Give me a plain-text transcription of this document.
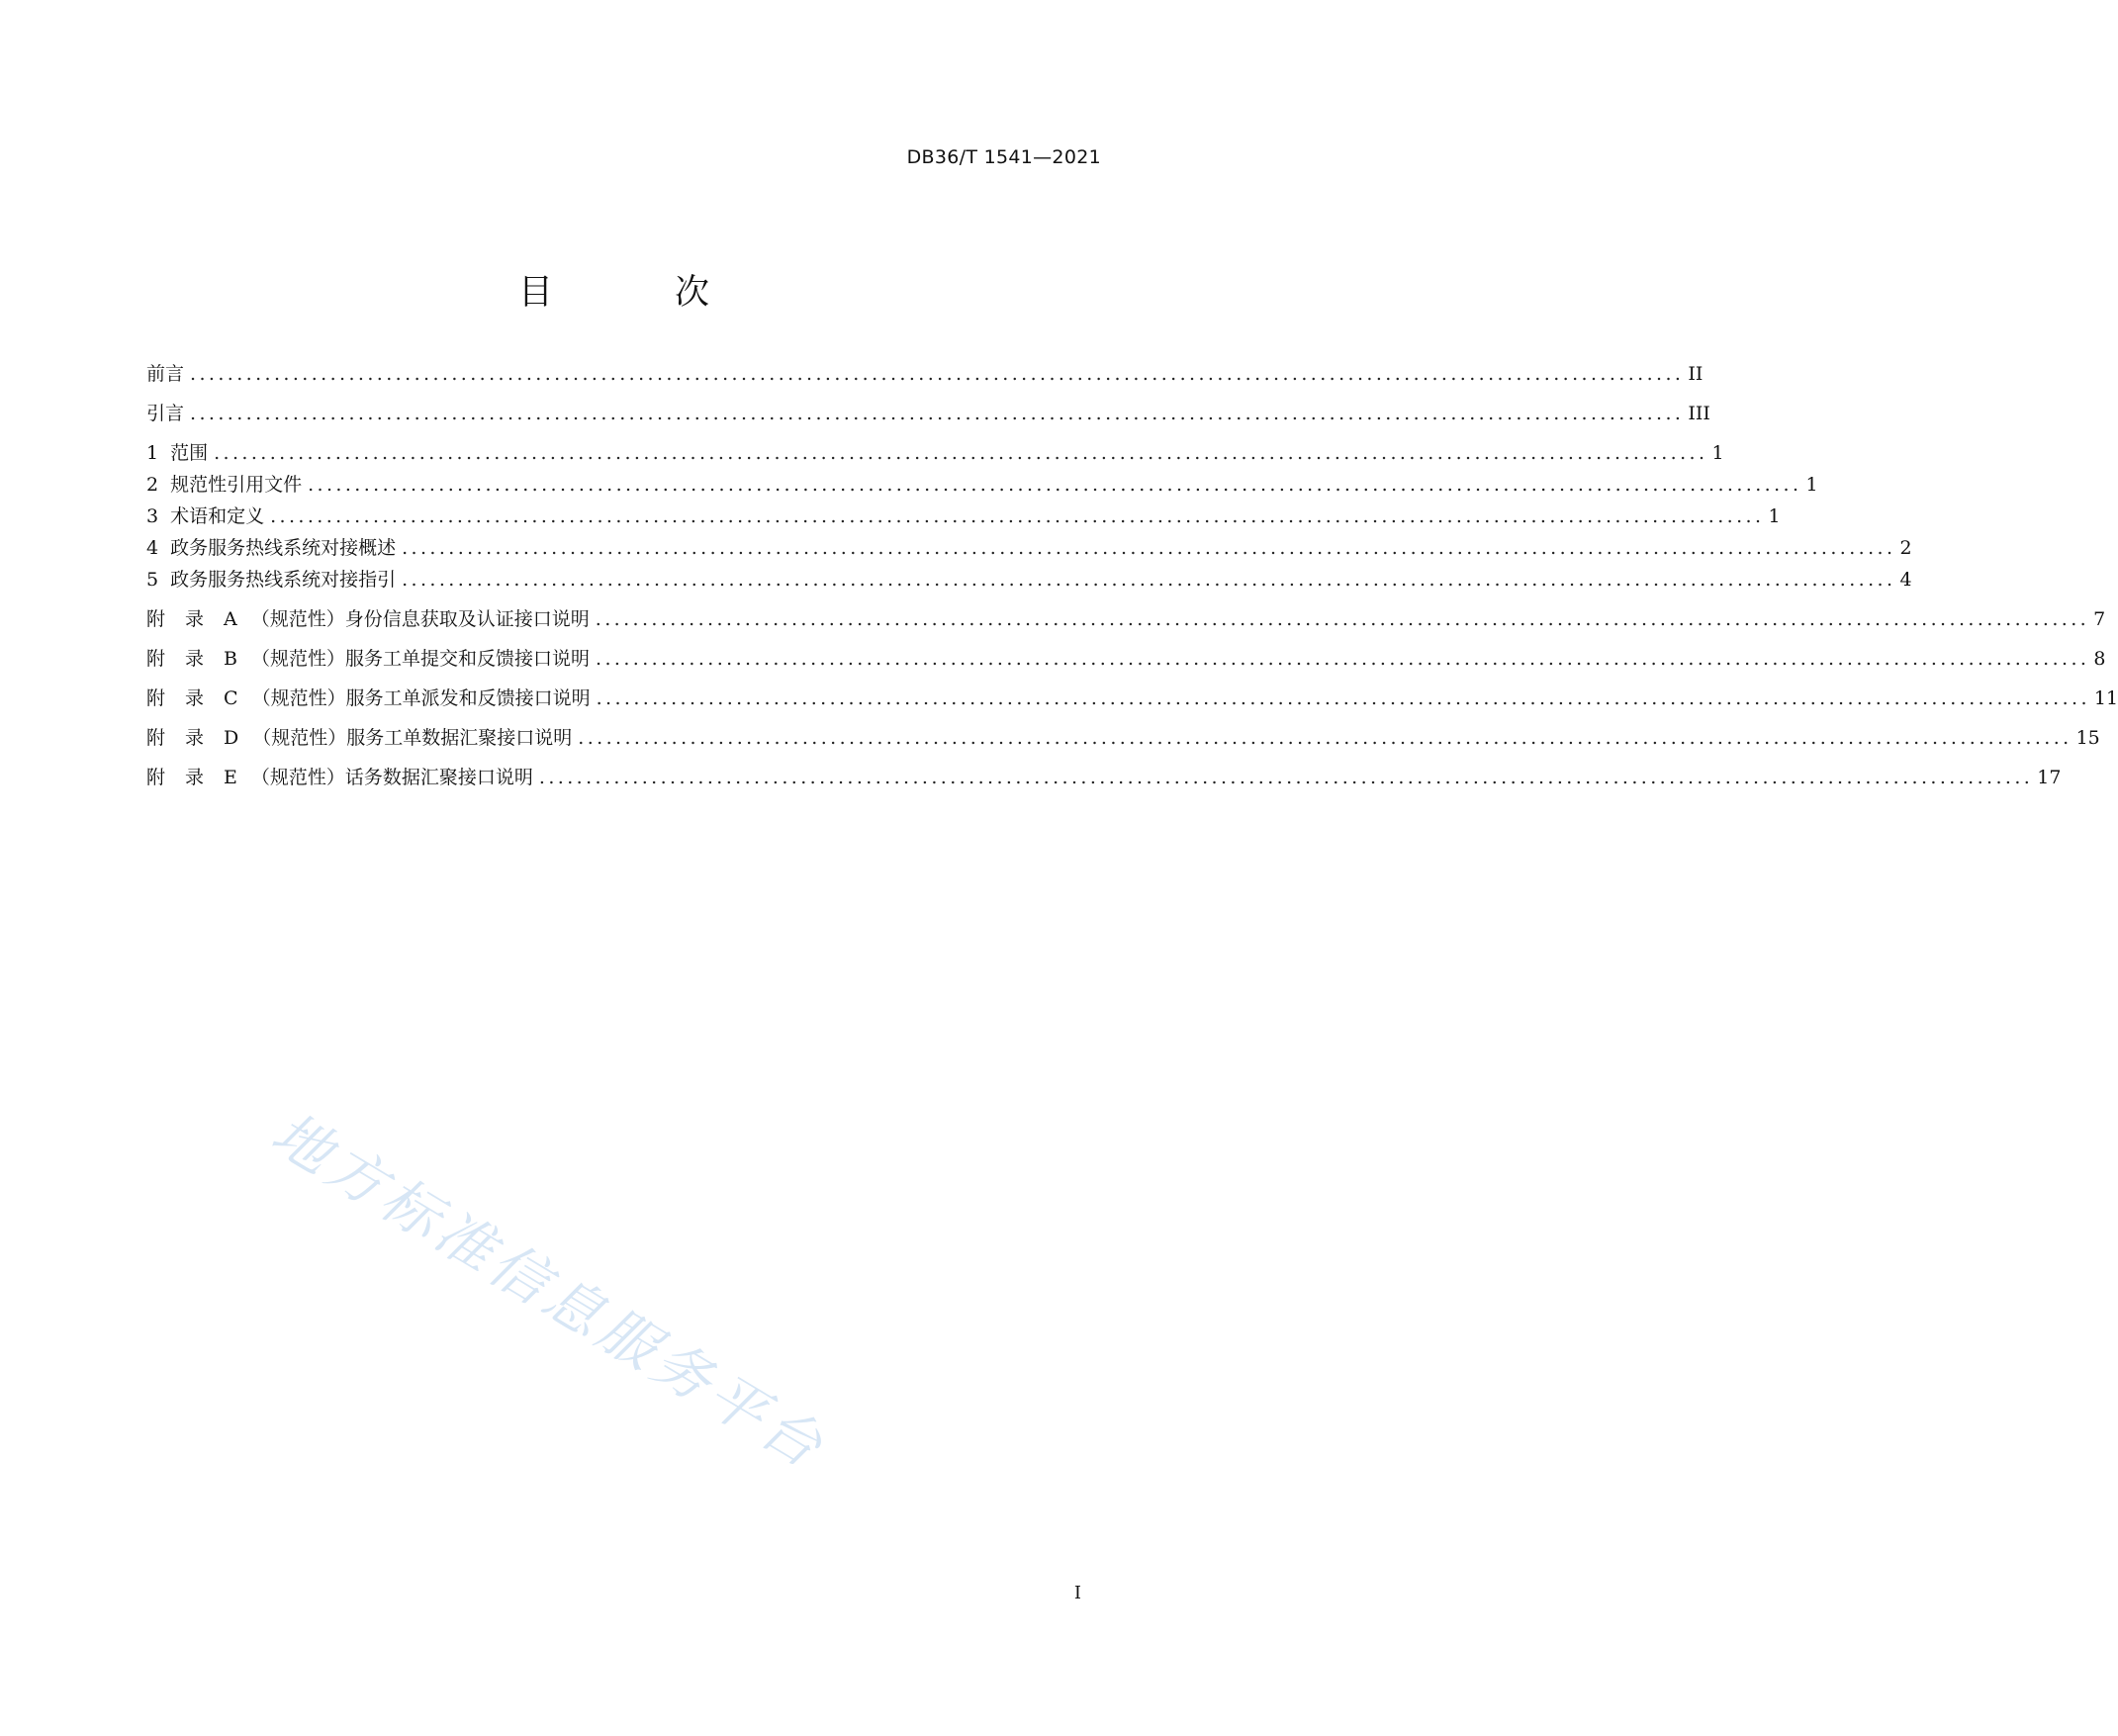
DB36/T 1541—2021
目 次
前言 ................................................................................................................................................................ II
引言 ................................................................................................................................................................ III
1 范围 ................................................................................................................................................................ 1
2 规范性引用文件 ................................................................................................................................................................ 1
3 术语和定义 ................................................................................................................................................................ 1
4 政务服务热线系统对接概述 ................................................................................................................................................................ 2
5 政务服务热线系统对接指引 ................................................................................................................................................................ 4
附录A （规范性）身份信息获取及认证接口说明 ................................................................................................................................................................ 7
附录B （规范性）服务工单提交和反馈接口说明 ................................................................................................................................................................ 8
附录C （规范性）服务工单派发和反馈接口说明 ................................................................................................................................................................ 11
附录D （规范性）服务工单数据汇聚接口说明 ................................................................................................................................................................ 15
附录E （规范性）话务数据汇聚接口说明 ................................................................................................................................................................ 17
地方标准信息服务平台
I
